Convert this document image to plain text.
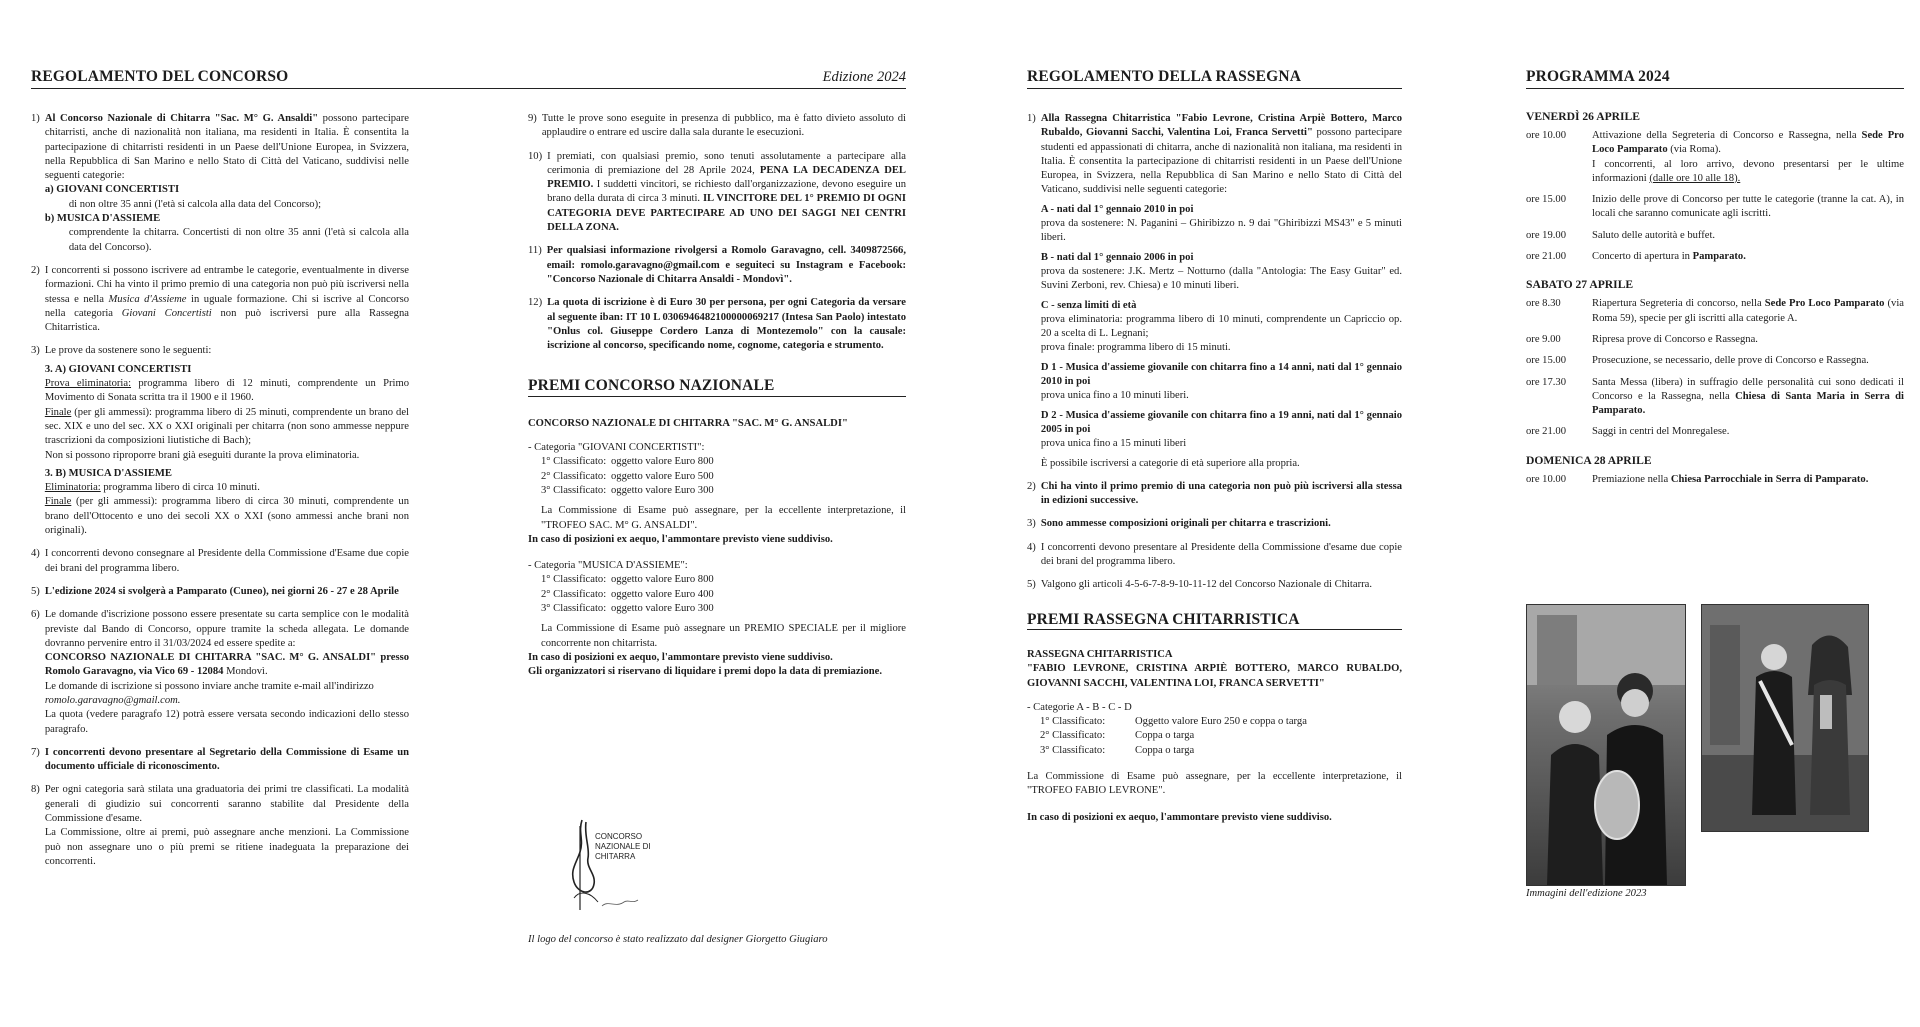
REGOLAMENTO DEL CONCORSO	Edizione 2024
1) Al Concorso Nazionale di Chitarra "Sac. M° G. Ansaldi" possono partecipare chitarristi, anche di nazionalità non italiana, ma residenti in Italia. È consentita la partecipazione di chitarristi residenti in un Paese dell'Unione Europea, in Svizzera, nella Repubblica di San Marino e nello Stato di Città del Vaticano, suddivisi nelle seguenti categorie:

a) GIOVANI CONCERTISTI

di non oltre 35 anni (l'età si calcola alla data del Concorso);

b) MUSICA D'ASSIEME

comprendente la chitarra. Concertisti di non oltre 35 anni (l'età si calcola alla data del Concorso).

2) I concorrenti si possono iscrivere ad entrambe le categorie, eventualmente in diverse formazioni. Chi ha vinto il primo premio di una categoria non può più iscriversi nella stessa e nella Musica d'Assieme in uguale formazione. Chi si iscrive al Concorso nella categoria Giovani Concertisti non può iscriversi pure alla Rassegna Chitarristica.

3) Le prove da sostenere sono le seguenti:

3. A) GIOVANI CONCERTISTI

Prova eliminatoria: programma libero di 12 minuti, comprendente un Primo Movimento di Sonata scritta tra il 1900 e il 1960.

Finale (per gli ammessi): programma libero di 25 minuti, comprendente un brano del sec. XIX e uno del sec. XX o XXI originali per chitarra (non sono ammesse neppure trascrizioni da composizioni liutistiche di Bach);

Non si possono riproporre brani già eseguiti durante la prova eliminatoria.

3. B) MUSICA D'ASSIEME

Eliminatoria: programma libero di circa 10 minuti.

Finale (per gli ammessi): programma libero di circa 30 minuti, comprendente un brano dell'Ottocento e uno dei secoli XX o XXI (sono ammessi anche brani non originali).

4) I concorrenti devono consegnare al Presidente della Commissione d'Esame due copie dei brani del programma libero.

5) L'edizione 2024 si svolgerà a Pamparato (Cuneo), nei giorni 26 - 27 e 28 Aprile

6) Le domande d'iscrizione possono essere presentate su carta semplice con le modalità previste dal Bando di Concorso, oppure tramite la scheda allegata. Le domande dovranno pervenire entro il 31/03/2024 ed essere spedite a:

CONCORSO NAZIONALE DI CHITARRA "SAC. M° G. ANSALDI" presso Romolo Garavagno, via Vico 69 - 12084 Mondovì.

Le domande di iscrizione si possono inviare anche tramite e-mail all'indirizzo

romolo.garavagno@gmail.com.

La quota (vedere paragrafo 12) potrà essere versata secondo indicazioni dello stesso paragrafo.

7) I concorrenti devono presentare al Segretario della Commissione di Esame un documento ufficiale di riconoscimento.

8) Per ogni categoria sarà stilata una graduatoria dei primi tre classificati. La modalità generali di giudizio sui concorrenti saranno stabilite dal Presidente della Commissione d'esame.

La Commissione, oltre ai premi, può assegnare anche menzioni. La Commissione può non assegnare uno o più premi se ritiene inadeguata la preparazione dei concorrenti.

9) Tutte le prove sono eseguite in presenza di pubblico, ma è fatto divieto assoluto di applaudire o entrare ed uscire dalla sala durante le esecuzioni.

10) I premiati, con qualsiasi premio, sono tenuti assolutamente a partecipare alla cerimonia di premiazione del 28 Aprile 2024, PENA LA DECADENZA DEL PREMIO. I suddetti vincitori, se richiesto dall'organizzazione, devono eseguire un brano della durata di circa 3 minuti. IL VINCITORE DEL 1° PREMIO DI OGNI CATEGORIA DEVE PARTECIPARE AD UNO DEI SAGGI NEI CENTRI DELLA ZONA.

11) Per qualsiasi informazione rivolgersi a Romolo Garavagno, cell. 3409872566, email: romolo.garavagno@gmail.com e seguiteci su Instagram e Facebook: "Concorso Nazionale di Chitarra Ansaldi - Mondovì".

12) La quota di iscrizione è di Euro 30 per persona, per ogni Categoria da versare al seguente iban: IT 10 L 0306946482100000069217 (Intesa San Paolo) intestato "Onlus col. Giuseppe Cordero Lanza di Montezemolo" con la causale: iscrizione al concorso, specificando nome, cognome, categoria e strumento.

PREMI CONCORSO NAZIONALE

CONCORSO NAZIONALE DI CHITARRA "SAC. M° G. ANSALDI"

- Categoria "GIOVANI CONCERTISTI":

1° Classificato: oggetto valore Euro 800
2° Classificato: oggetto valore Euro 500
3° Classificato: oggetto valore Euro 300

La Commissione di Esame può assegnare, per la eccellente interpretazione, il "TROFEO SAC. M° G. ANSALDI".

In caso di posizioni ex aequo, l'ammontare previsto viene suddiviso.

- Categoria "MUSICA D'ASSIEME":

1° Classificato: oggetto valore Euro 800
2° Classificato: oggetto valore Euro 400
3° Classificato: oggetto valore Euro 300

La Commissione di Esame può assegnare un PREMIO SPECIALE per il migliore concorrente non chitarrista.

In caso di posizioni ex aequo, l'ammontare previsto viene suddiviso.

Gli organizzatori si riservano di liquidare i premi dopo la data di premiazione.

CONCORSO
NAZIONALE DI
CHITARRA
Il logo del concorso è stato realizzato dal designer Giorgetto Giugiaro
REGOLAMENTO DELLA RASSEGNA
1) Alla Rassegna Chitarristica "Fabio Levrone, Cristina Arpiè Bottero, Marco Rubaldo, Giovanni Sacchi, Valentina Loi, Franca Servetti" possono partecipare studenti ed appassionati di chitarra, anche di nazionalità non italiana, ma residenti in Italia. È consentita la partecipazione di chitarristi residenti in un Paese dell'Unione Europea, in Svizzera, nella Repubblica di San Marino e nello Stato di Città del Vaticano, suddivisi nelle seguenti categorie:

A - nati dal 1° gennaio 2010 in poi

prova da sostenere: N. Paganini – Ghiribizzo n. 9 dai "Ghiribizzi MS43" e 5 minuti liberi.

B - nati dal 1° gennaio 2006 in poi

prova da sostenere: J.K. Mertz – Notturno (dalla "Antologia: The Easy Guitar" ed. Suvini Zerboni, rev. Chiesa) e 10 minuti liberi.

C - senza limiti di età

prova eliminatoria: programma libero di 10 minuti, comprendente un Capriccio op. 20 a scelta di L. Legnani;

prova finale: programma libero di 15 minuti.

D 1 - Musica d'assieme giovanile con chitarra fino a 14 anni, nati dal 1° gennaio 2010 in poi

prova unica fino a 10 minuti liberi.

D 2 - Musica d'assieme giovanile con chitarra fino a 19 anni, nati dal 1° gennaio 2005 in poi

prova unica fino a 15 minuti liberi

È possibile iscriversi a categorie di età superiore alla propria.

2) Chi ha vinto il primo premio di una categoria non può più iscriversi alla stessa in edizioni successive.

3) Sono ammesse composizioni originali per chitarra e trascrizioni.

4) I concorrenti devono presentare al Presidente della Commissione d'esame due copie dei brani del programma libero.

5) Valgono gli articoli 4-5-6-7-8-9-10-11-12 del Concorso Nazionale di Chitarra.

PREMI RASSEGNA CHITARRISTICA

RASSEGNA CHITARRISTICA

"FABIO LEVRONE, CRISTINA ARPIÈ BOTTERO, MARCO RUBALDO, GIOVANNI SACCHI, VALENTINA LOI, FRANCA SERVETTI"

- Categorie A - B - C - D

1° Classificato:	Oggetto valore Euro 250 e coppa o targa
2° Classificato:	Coppa o targa
3° Classificato:	Coppa o targa

La Commissione di Esame può assegnare, per la eccellente interpretazione, il "TROFEO FABIO LEVRONE".

In caso di posizioni ex aequo, l'ammontare previsto viene suddiviso.

PROGRAMMA 2024
VENERDÌ 26 APRILE
ore 10.00	Attivazione della Segreteria di Concorso e Rassegna, nella Sede Pro Loco Pamparato (via Roma).
I concorrenti, al loro arrivo, devono presentarsi per le ultime informazioni (dalle ore 10 alle 18).
ore 15.00	Inizio delle prove di Concorso per tutte le categorie (tranne la cat. A), in locali che saranno comunicate agli iscritti.
ore 19.00	Saluto delle autorità e buffet.
ore 21.00	Concerto di apertura in Pamparato.
SABATO 27 APRILE
ore 8.30	Riapertura Segreteria di concorso, nella Sede Pro Loco Pamparato (via Roma 59), specie per gli iscritti alla categorie A.
ore 9.00	Ripresa prove di Concorso e Rassegna.
ore 15.00	Prosecuzione, se necessario, delle prove di Concorso e Rassegna.
ore 17.30	Santa Messa (libera) in suffragio delle personalità cui sono dedicati il Concorso e la Rassegna, nella Chiesa di Santa Maria in Serra di Pamparato.
ore 21.00	Saggi in centri del Monregalese.
DOMENICA 28 APRILE
ore 10.00	Premiazione nella Chiesa Parrocchiale in Serra di Pamparato.
Immagini dell'edizione 2023
